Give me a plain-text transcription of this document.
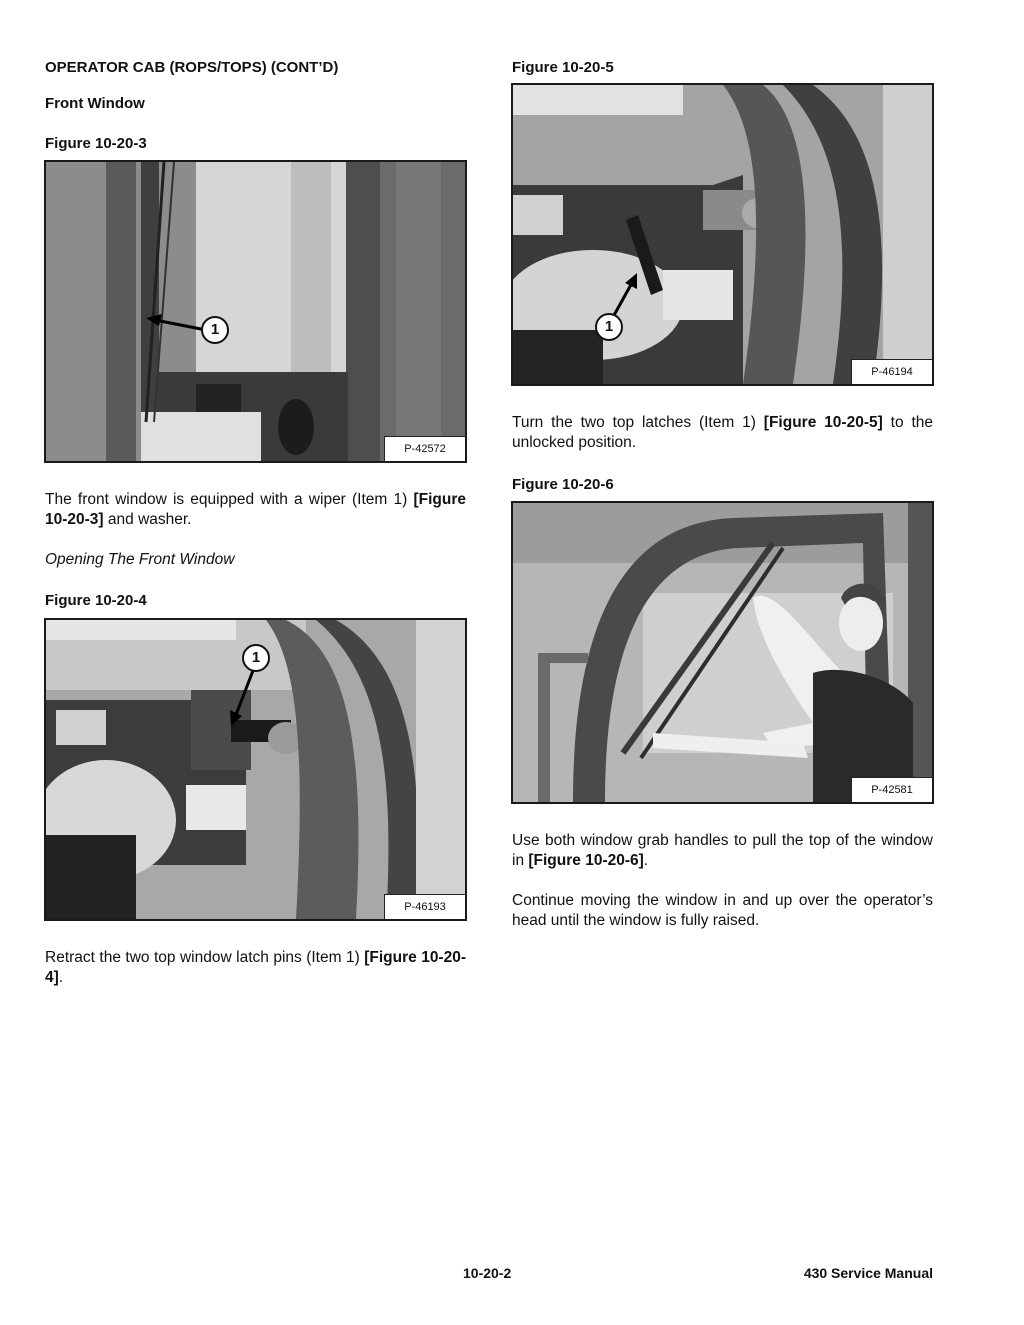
OPERATOR CAB (ROPS/TOPS) (CONT’D)
Front Window
Figure 10-20-3
1
P-42572
The front window is equipped with a wiper (Item 1) [Figure 10-20-3] and washer.
Opening The Front Window
Figure 10-20-4
1
P-46193
Retract the two top window latch pins (Item 1) [Figure 10-20-4].
Figure 10-20-5
1
P-46194
Turn the two top latches (Item 1) [Figure 10-20-5] to the unlocked position.
Figure 10-20-6
P-42581
Use both window grab handles to pull the top of the window in [Figure 10-20-6].
Continue moving the window in and up over the operator’s head until the window is fully raised.
10-20-2	430 Service Manual
